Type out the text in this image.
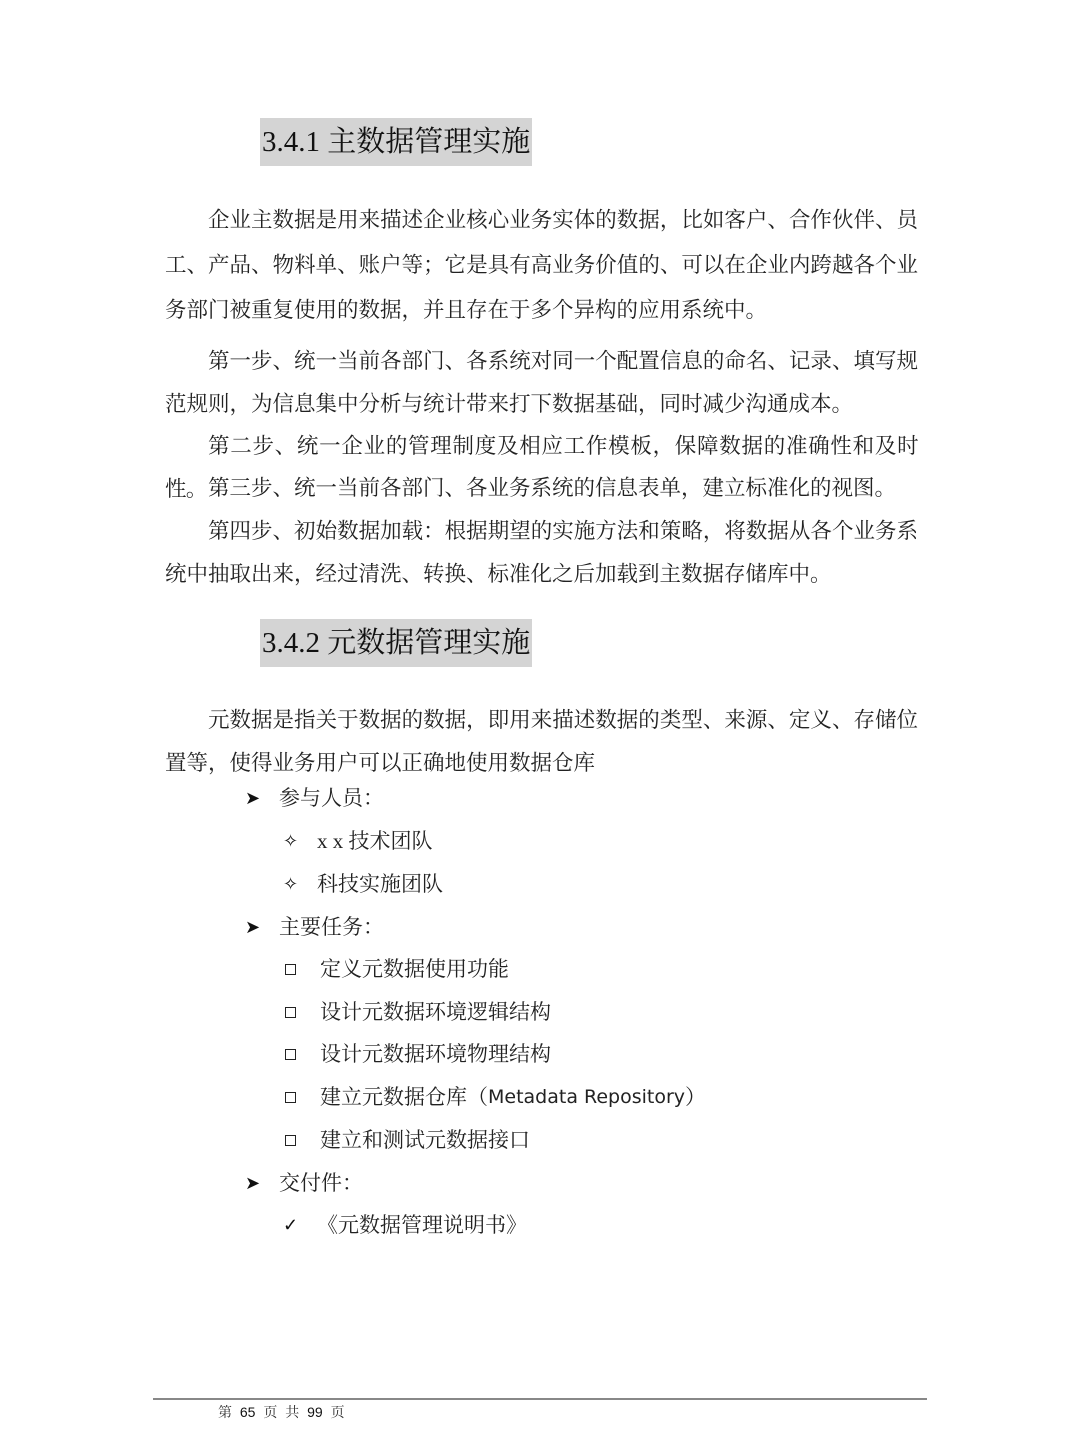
3.4.1 主数据管理实施
企业主数据是用来描述企业核心业务实体的数据，比如客户、合作伙伴、员工、产品、物料单、账户等；它是具有高业务价值的、可以在企业内跨越各个业务部门被重复使用的数据，并且存在于多个异构的应用系统中。
第一步、统一当前各部门、各系统对同一个配置信息的命名、记录、填写规范规则，为信息集中分析与统计带来打下数据基础，同时减少沟通成本。
第二步、统一企业的管理制度及相应工作模板，保障数据的准确性和及时性。 第三步、统一当前各部门、各业务系统的信息表单，建立标准化的视图。
第四步、初始数据加载：根据期望的实施方法和策略，将数据从各个业务系统中抽取出来，经过清洗、转换、标准化之后加载到主数据存储库中。
3.4.2 元数据管理实施
元数据是指关于数据的数据，即用来描述数据的类型、来源、定义、存储位置等，使得业务用户可以正确地使用数据仓库
➤ 参与人员：
✧ x x 技术团队
✧ 科技实施团队
➤ 主要任务：
定义元数据使用功能
设计元数据环境逻辑结构
设计元数据环境物理结构
建立元数据仓库（ Metadata Repository ）
建立和测试元数据接口
➤ 交付件：
✓ 《元数据管理说明书》
第 65 页 共 99 页
